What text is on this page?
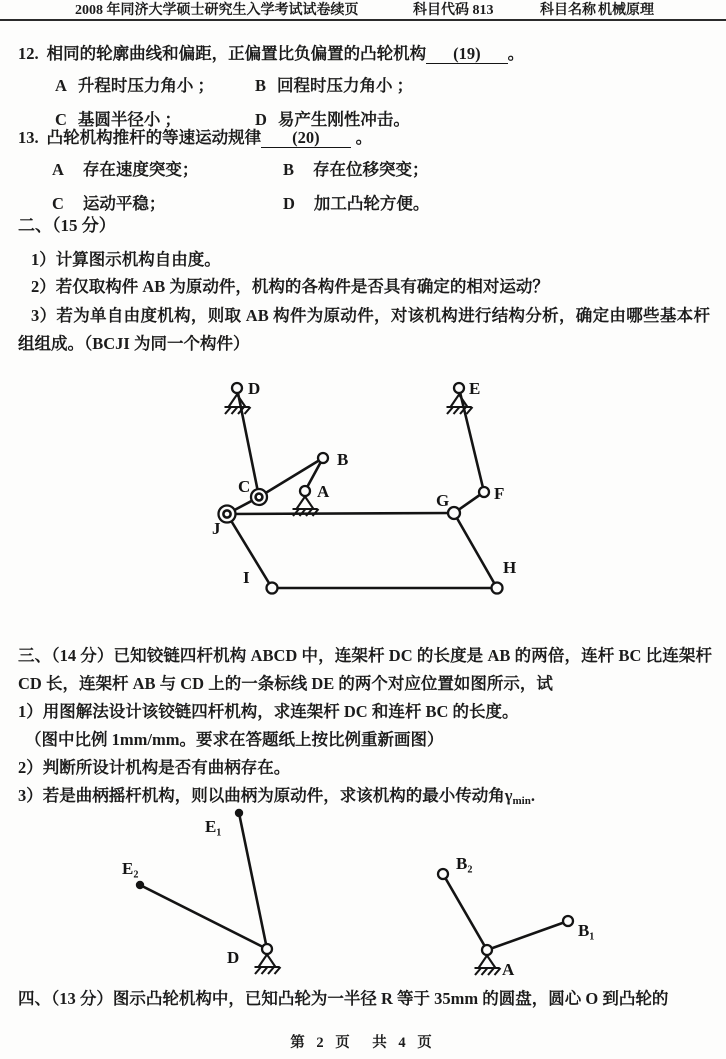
2008 年同济大学硕士研究生入学考试试卷续页	科目代码 813	科目名称 机械原理
12. 相同的轮廓曲线和偏距，正偏置比负偏置的凸轮机构 (19) 。
A 升程时压力角小 ；	B 回程时压力角小 ；
C 基圆半径小 ；	D 易产生刚性冲击。
13. 凸轮机构推杆的等速运动规律 (20) 。
A 存在速度突变；	B 存在位移突变；
C 运动平稳；	D 加工凸轮方便。
二、（15 分）
1）计算图示机构自由度。
2）若仅取构件 AB 为原动件，机构的各构件是否具有确定的相对运动？
3）若为单自由度机构，则取 AB 构件为原动件，对该机构进行结构分析，确定由哪些基本杆组组成。（BCJI 为同一个构件）
D	E
B
A
C
J
G	F
I
H
三、（14 分）已知铰链四杆机构 ABCD 中，连架杆 DC 的长度是 AB 的两倍，连杆 BC 比连架杆 CD 长，连架杆 AB 与 CD 上的一条标线 DE 的两个对应位置如图所示，试
1）用图解法设计该铰链四杆机构，求连架杆 DC 和连杆 BC 的长度。
（图中比例 1mm/mm。要求在答题纸上按比例重新画图）
2）判断所设计机构是否有曲柄存在。
3）若是曲柄摇杆机构，则以曲柄为原动件，求该机构的最小传动角$\gamma_{min}$.
E₁
E₂
D
B₂
B₁
A
四、（13 分）图示凸轮机构中，已知凸轮为一半径 R 等于 35mm 的圆盘，圆心 O 到凸轮的
第 2 页　共 4 页
